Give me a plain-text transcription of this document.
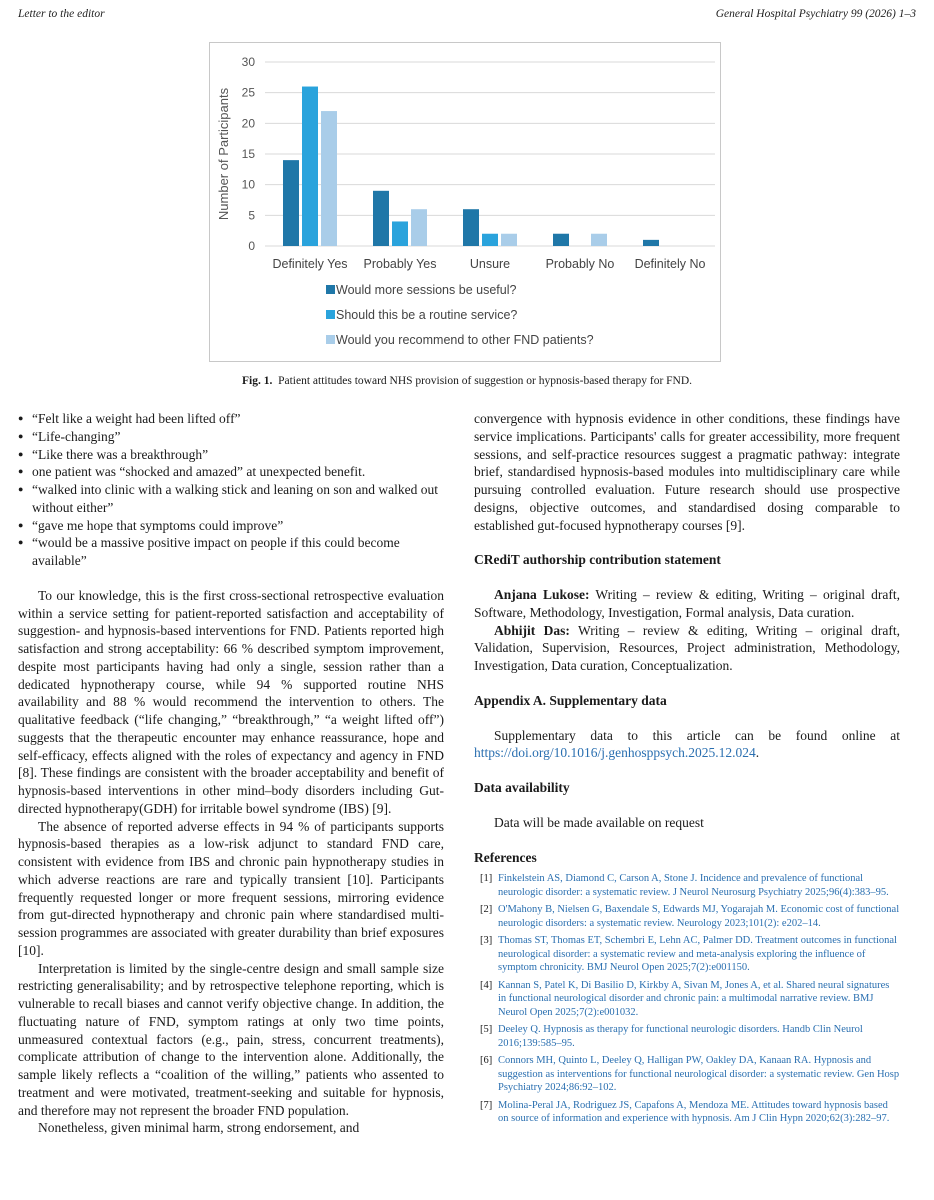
Letter to the editor	General Hospital Psychiatry 99 (2026) 1–3
0
5
10
15
20
25
30
Number of Participants
Definitely Yes Probably Yes	Unsure	Probably No Definitely No
Would more sessions be useful?
Should this be a routine service?
Would you recommend to other FND patients?
Fig. 1. Patient attitudes toward NHS provision of suggestion or hypnosis-based therapy for FND.
● “Felt like a weight had been lifted off”
● “Life-changing”
● “Like there was a breakthrough”
● one patient was “shocked and amazed” at unexpected benefit.
● “walked into clinic with a walking stick and leaning on son and walked out without either”
● “gave me hope that symptoms could improve”
● “would be a massive positive impact on people if this could become available”

To our knowledge, this is the first cross-sectional retrospective evaluation within a service setting for patient-reported satisfaction and acceptability of suggestion- and hypnosis-based interventions for FND. Patients reported high satisfaction and strong acceptability: 66 % described symptom improvement, despite most participants having had only a single, session rather than a dedicated hypnotherapy course, while 94 % supported routine NHS availability and 88 % would recommend the intervention to others. The qualitative feedback (“life changing,” “breakthrough,” “a weight lifted off”) suggests that the therapeutic encounter may enhance reassurance, hope and self-efficacy, effects aligned with the roles of expectancy and agency in FND [8]. These findings are consistent with the broader acceptability and benefit of hypnosis-based interventions in other mind–body disorders including Gut-directed hypnotherapy(GDH) for irritable bowel syndrome (IBS) [9].

The absence of reported adverse effects in 94 % of participants supports hypnosis-based therapies as a low-risk adjunct to standard FND care, consistent with evidence from IBS and chronic pain hypnotherapy studies in which adverse reactions are rare and typically transient [10]. Participants frequently requested longer or more frequent sessions, mirroring evidence from gut-directed hypnotherapy and chronic pain where standardised multi-session programmes are associated with greater durability than brief exposures [10].

Interpretation is limited by the single-centre design and small sample size restricting generalisability; and by retrospective telephone reporting, which is vulnerable to recall biases and cannot verify objective change. In addition, the fluctuating nature of FND, symptom ratings at only two time points, unmeasured contextual factors (e.g., pain, stress, concurrent treatments), complicate attribution of change to the intervention alone. Additionally, the sample likely reflects a “coalition of the willing,” patients who assented to treatment and were motivated, treatment-seeking and suitable for hypnosis, and therefore may not represent the broader FND population.

Nonetheless, given minimal harm, strong endorsement, and

convergence with hypnosis evidence in other conditions, these findings have service implications. Participants' calls for greater accessibility, more frequent sessions, and self-practice resources suggest a pragmatic pathway: integrate brief, standardised hypnosis-based modules into multidisciplinary care while pursuing controlled evaluation. Future research should use prospective designs, objective outcomes, and standardised dosing comparable to established gut-focused hypnotherapy courses [9].

CRediT authorship contribution statement

Anjana Lukose: Writing – review & editing, Writing – original draft, Software, Methodology, Investigation, Formal analysis, Data curation.

Abhijit Das: Writing – review & editing, Writing – original draft, Validation, Supervision, Resources, Project administration, Methodology, Investigation, Data curation, Conceptualization.

Appendix A. Supplementary data

Supplementary data to this article can be found online at https://doi.org/10.1016/j.genhosppsych.2025.12.024.

Data availability

Data will be made available on request

References
[1] Finkelstein AS, Diamond C, Carson A, Stone J. Incidence and prevalence of functional neurologic disorder: a systematic review. J Neurol Neurosurg Psychiatry 2025;96(4):383–95.
[2] O'Mahony B, Nielsen G, Baxendale S, Edwards MJ, Yogarajah M. Economic cost of functional neurologic disorders: a systematic review. Neurology 2023;101(2): e202–14.
[3] Thomas ST, Thomas ET, Schembri E, Lehn AC, Palmer DD. Treatment outcomes in functional neurological disorder: a systematic review and meta-analysis exploring the influence of symptom chronicity. BMJ Neurol Open 2025;7(2):e001150.
[4] Kannan S, Patel K, Di Basilio D, Kirkby A, Sivan M, Jones A, et al. Shared neural signatures in functional neurological disorder and chronic pain: a multimodal narrative review. BMJ Neurol Open 2025;7(2):e001032.
[5] Deeley Q. Hypnosis as therapy for functional neurologic disorders. Handb Clin Neurol 2016;139:585–95.
[6] Connors MH, Quinto L, Deeley Q, Halligan PW, Oakley DA, Kanaan RA. Hypnosis and suggestion as interventions for functional neurological disorder: a systematic review. Gen Hosp Psychiatry 2024;86:92–102.
[7] Molina-Peral JA, Rodriguez JS, Capafons A, Mendoza ME. Attitudes toward hypnosis based on source of information and experience with hypnosis. Am J Clin Hypn 2020;62(3):282–97.
